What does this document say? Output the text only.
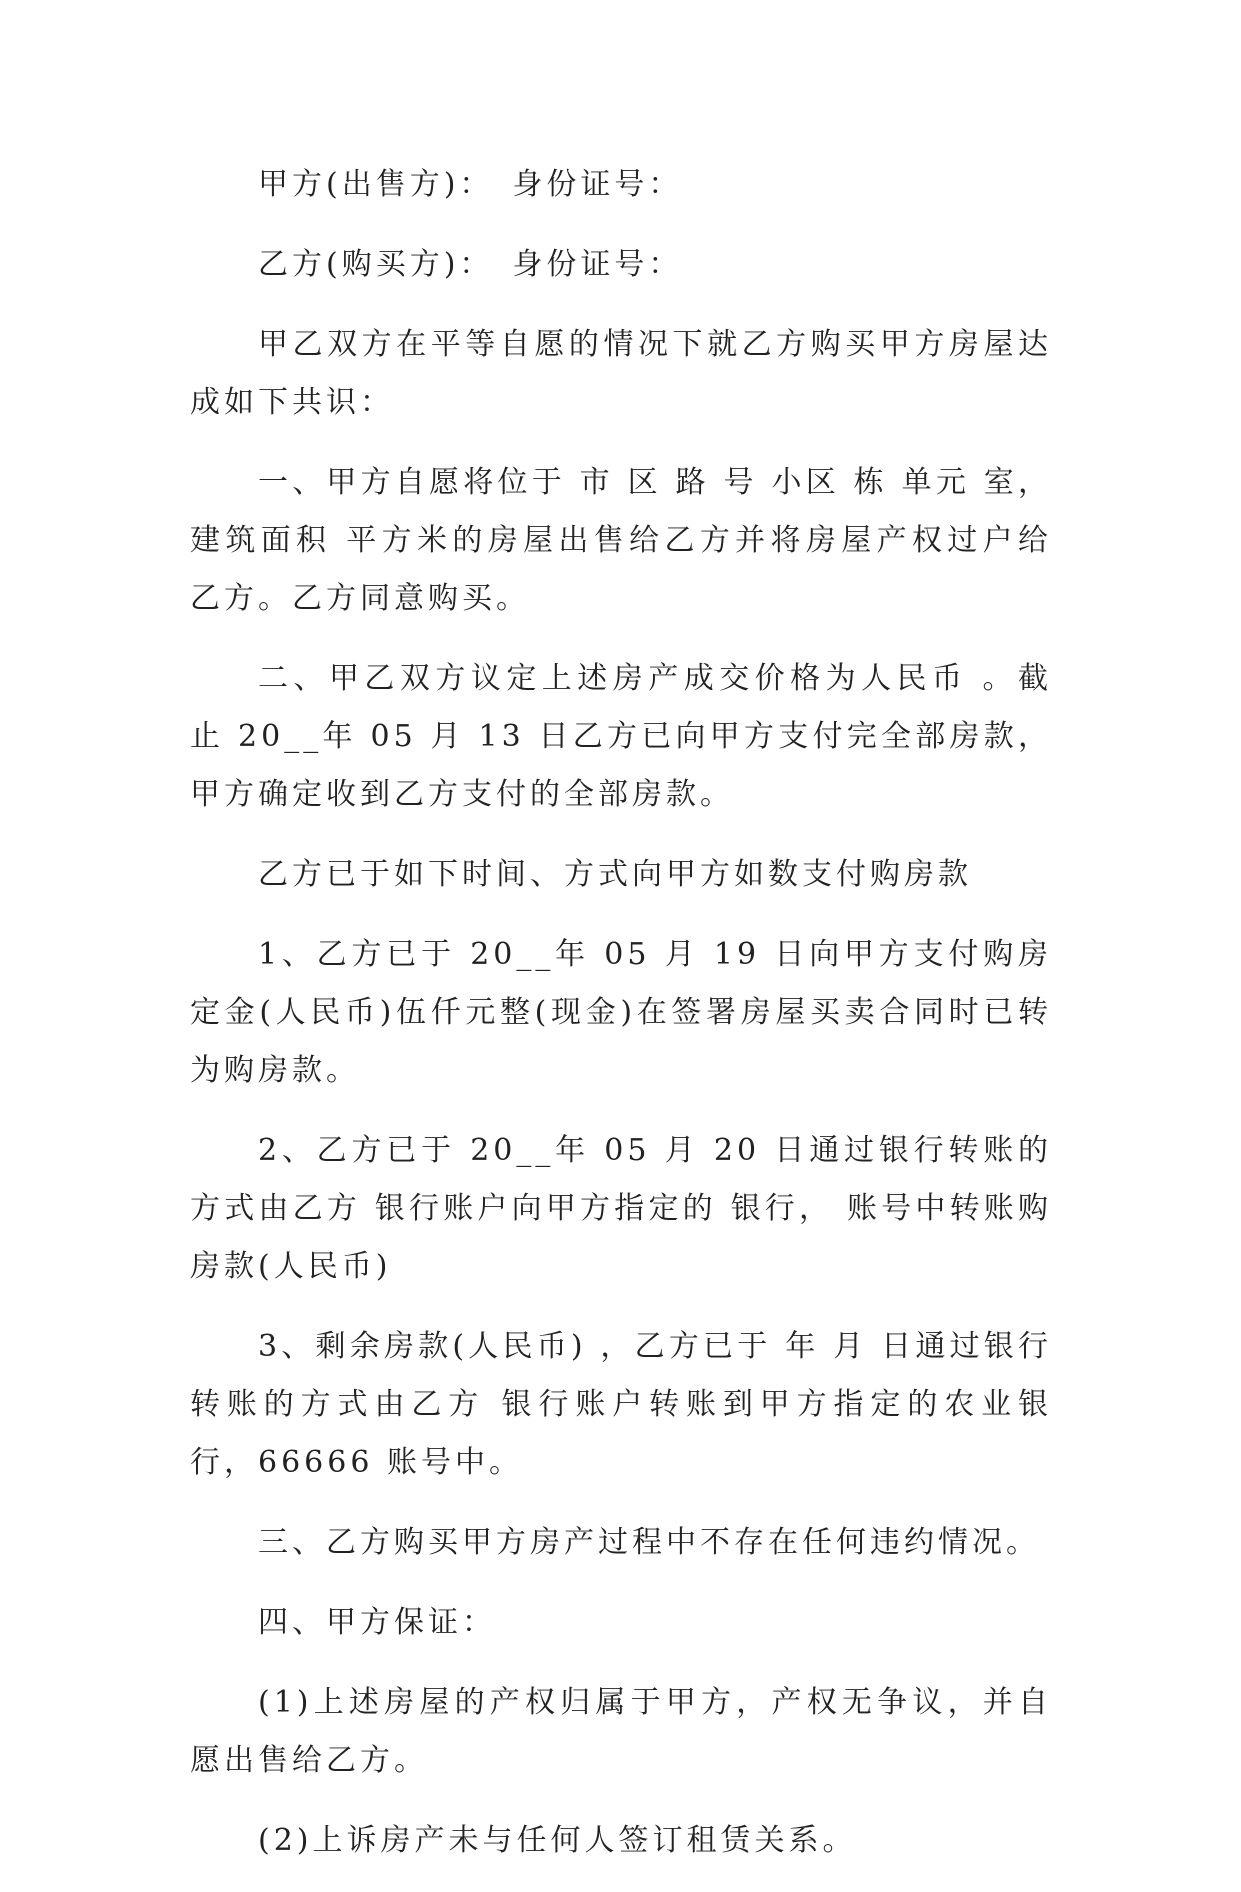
甲方(出售方)：　身份证号：

乙方(购买方)：　身份证号：

甲乙双方在平等自愿的情况下就乙方购买甲方房屋达成如下共识：

一、甲方自愿将位于 市 区 路 号 小区 栋 单元 室，建筑面积 平方米的房屋出售给乙方并将房屋产权过户给乙方。乙方同意购买。

二、甲乙双方议定上述房产成交价格为人民币 。截止 20__年 05 月 13 日乙方已向甲方支付完全部房款，甲方确定收到乙方支付的全部房款。

乙方已于如下时间、方式向甲方如数支付购房款

1、乙方已于 20__年 05 月 19 日向甲方支付购房定金(人民币)伍仟元整(现金)在签署房屋买卖合同时已转为购房款。

2、乙方已于 20__年 05 月 20 日通过银行转账的方式由乙方 银行账户向甲方指定的 银行， 账号中转账购房款(人民币)

3、剩余房款(人民币) ，乙方已于 年 月 日通过银行转账的方式由乙方 银行账户转账到甲方指定的农业银行，66666 账号中。

三、乙方购买甲方房产过程中不存在任何违约情况。

四、甲方保证：

(1)上述房屋的产权归属于甲方，产权无争议，并自愿出售给乙方。

(2)上诉房产未与任何人签订租赁关系。
